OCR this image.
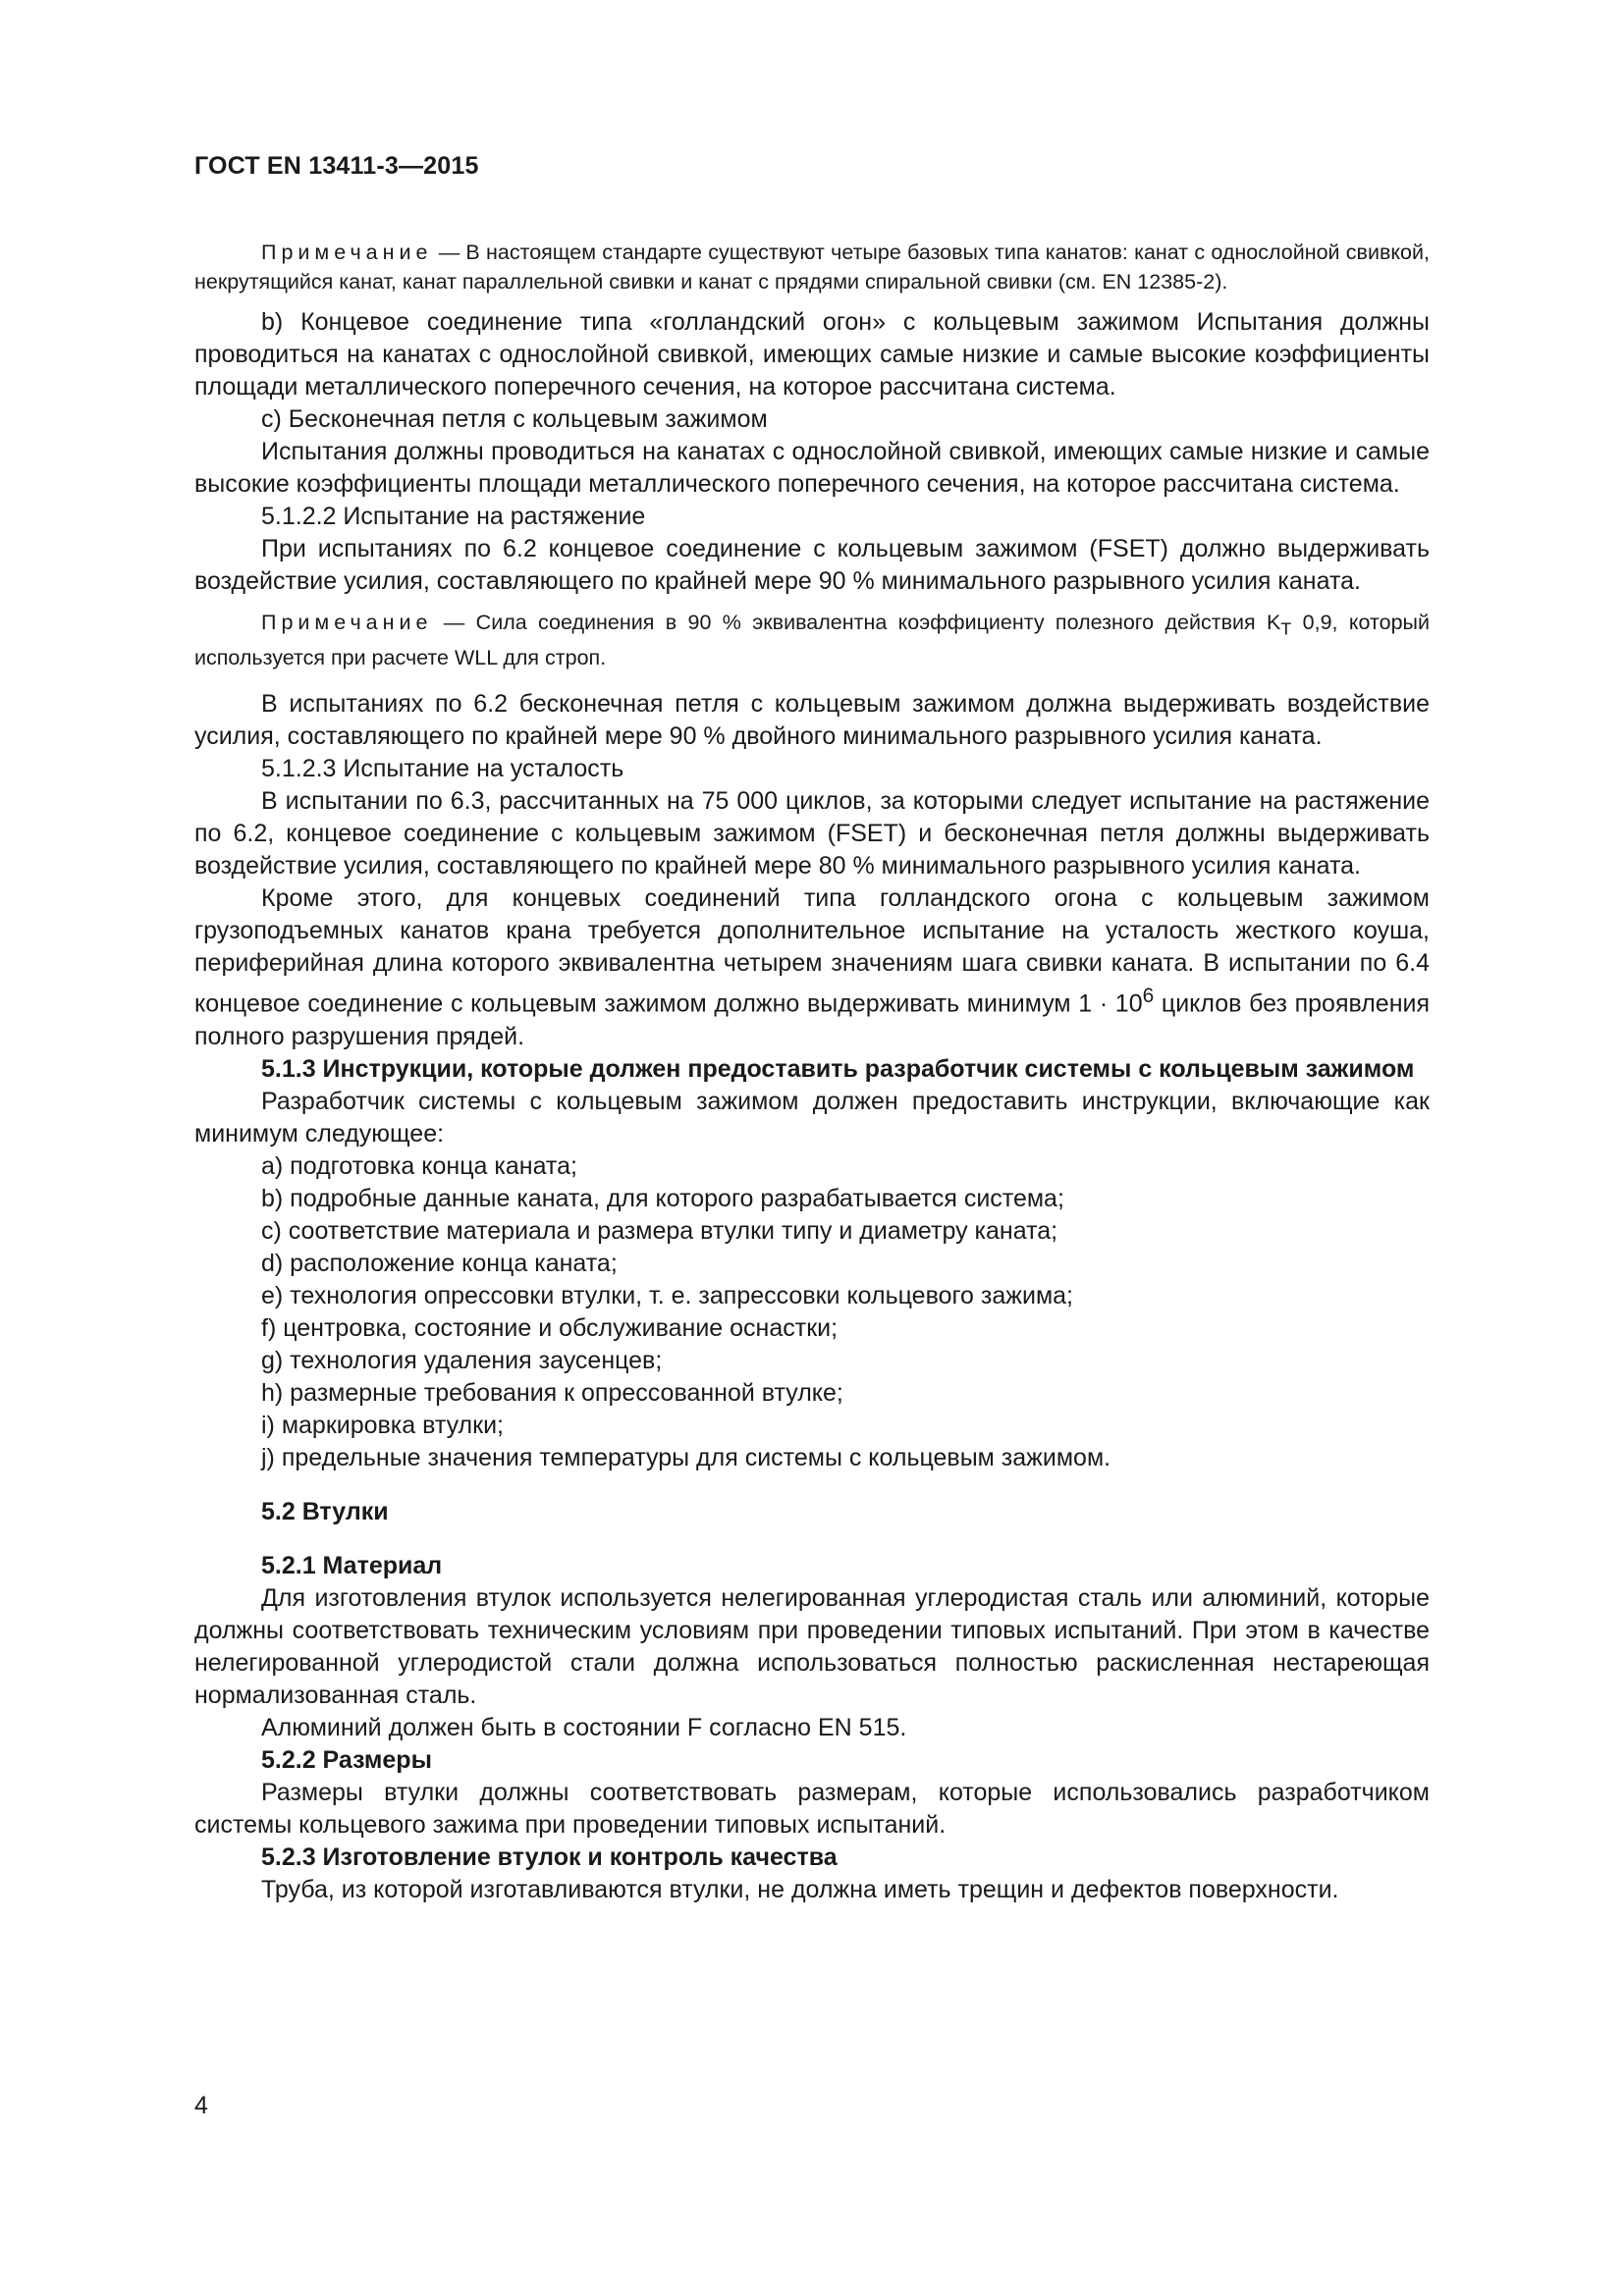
ГОСТ EN 13411-3—2015

Примечание — В настоящем стандарте существуют четыре базовых типа канатов: канат с однослойной свивкой, некрутящийся канат, канат параллельной свивки и канат с прядями спиральной свивки (см. EN 12385-2).

b) Концевое соединение типа «голландский огон» с кольцевым зажимом Испытания должны проводиться на канатах с однослойной свивкой, имеющих самые низкие и самые высокие коэффициенты площади металлического поперечного сечения, на которое рассчитана система.

c) Бесконечная петля с кольцевым зажимом

Испытания должны проводиться на канатах с однослойной свивкой, имеющих самые низкие и самые высокие коэффициенты площади металлического поперечного сечения, на которое рассчитана система.

5.1.2.2 Испытание на растяжение

При испытаниях по 6.2 концевое соединение с кольцевым зажимом (FSET) должно выдерживать воздействие усилия, составляющего по крайней мере 90 % минимального разрывного усилия каната.

Примечание — Сила соединения в 90 % эквивалентна коэффициенту полезного действия $K_T$ 0,9, который используется при расчете WLL для строп.

В испытаниях по 6.2 бесконечная петля с кольцевым зажимом должна выдерживать воздействие усилия, составляющего по крайней мере 90 % двойного минимального разрывного усилия каната.

5.1.2.3 Испытание на усталость

В испытании по 6.3, рассчитанных на 75 000 циклов, за которыми следует испытание на растяжение по 6.2, концевое соединение с кольцевым зажимом (FSET) и бесконечная петля должны выдерживать воздействие усилия, составляющего по крайней мере 80 % минимального разрывного усилия каната.

Кроме этого, для концевых соединений типа голландского огона с кольцевым зажимом грузоподъемных канатов крана требуется дополнительное испытание на усталость жесткого коуша, периферийная длина которого эквивалентна четырем значениям шага свивки каната. В испытании по 6.4 концевое соединение с кольцевым зажимом должно выдерживать минимум $1 \cdot 10^6$ циклов без проявления полного разрушения прядей.

5.1.3 Инструкции, которые должен предоставить разработчик системы с кольцевым зажимом

Разработчик системы с кольцевым зажимом должен предоставить инструкции, включающие как минимум следующее:

a) подготовка конца каната;
b) подробные данные каната, для которого разрабатывается система;
c) соответствие материала и размера втулки типу и диаметру каната;
d) расположение конца каната;
e) технология опрессовки втулки, т. е. запрессовки кольцевого зажима;
f) центровка, состояние и обслуживание оснастки;
g) технология удаления заусенцев;
h) размерные требования к опрессованной втулке;
i) маркировка втулки;
j) предельные значения температуры для системы с кольцевым зажимом.

5.2 Втулки

5.2.1 Материал

Для изготовления втулок используется нелегированная углеродистая сталь или алюминий, которые должны соответствовать техническим условиям при проведении типовых испытаний. При этом в качестве нелегированной углеродистой стали должна использоваться полностью раскисленная нестареющая нормализованная сталь.

Алюминий должен быть в состоянии F согласно EN 515.

5.2.2 Размеры

Размеры втулки должны соответствовать размерам, которые использовались разработчиком системы кольцевого зажима при проведении типовых испытаний.

5.2.3 Изготовление втулок и контроль качества

Труба, из которой изготавливаются втулки, не должна иметь трещин и дефектов поверхности.

4
